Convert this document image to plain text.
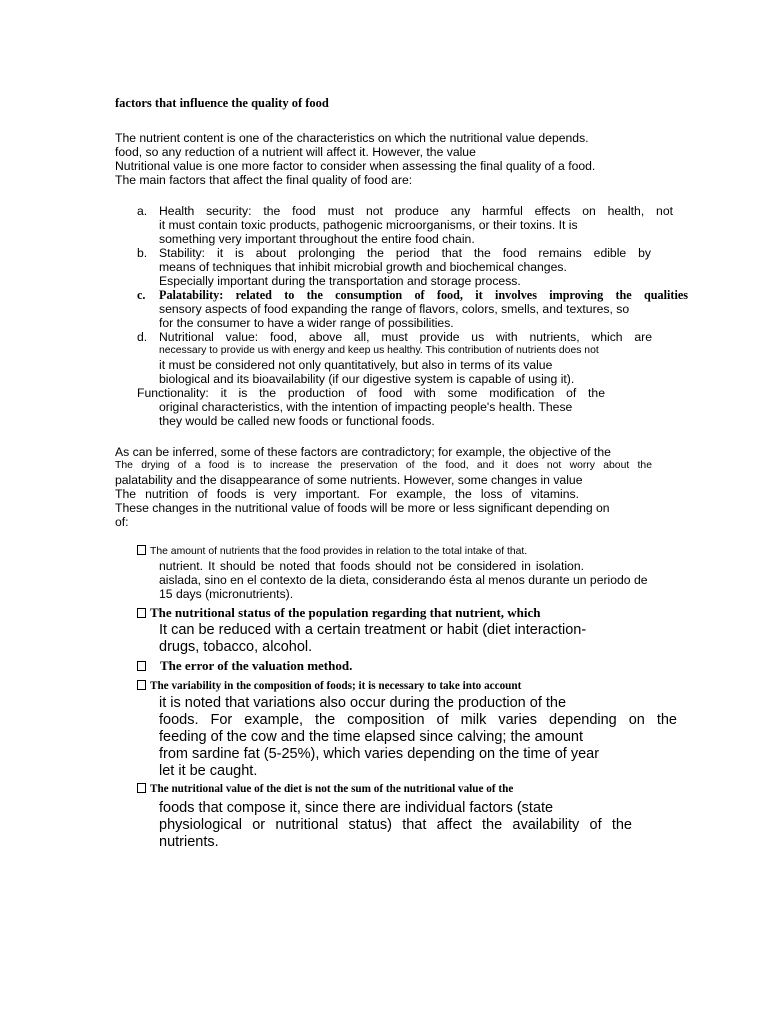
factors that influence the quality of food
The nutrient content is one of the characteristics on which the nutritional value depends.
food, so any reduction of a nutrient will affect it. However, the value
Nutritional value is one more factor to consider when assessing the final quality of a food.
The main factors that affect the final quality of food are:
a. Health security: the food must not produce any harmful effects on health, not
it must contain toxic products, pathogenic microorganisms, or their toxins. It is
something very important throughout the entire food chain.
b. Stability: it is about prolonging the period that the food remains edible by
means of techniques that inhibit microbial growth and biochemical changes.
Especially important during the transportation and storage process.
c. Palatability: related to the consumption of food, it involves improving the qualities
sensory aspects of food expanding the range of flavors, colors, smells, and textures, so
for the consumer to have a wider range of possibilities.
d. Nutritional value: food, above all, must provide us with nutrients, which are
necessary to provide us with energy and keep us healthy. This contribution of nutrients does not
it must be considered not only quantitatively, but also in terms of its value
biological and its bioavailability (if our digestive system is capable of using it).
Functionality: it is the production of food with some modification of the
original characteristics, with the intention of impacting people's health. These
they would be called new foods or functional foods.
As can be inferred, some of these factors are contradictory; for example, the objective of the
The drying of a food is to increase the preservation of the food, and it does not worry about the
palatability and the disappearance of some nutrients. However, some changes in value
The nutrition of foods is very important. For example, the loss of vitamins.
These changes in the nutritional value of foods will be more or less significant depending on
of:
The amount of nutrients that the food provides in relation to the total intake of that.
nutrient. It should be noted that foods should not be considered in isolation.
aislada, sino en el contexto de la dieta, considerando ésta al menos durante un periodo de
15 days (micronutrients).
The nutritional status of the population regarding that nutrient, which
It can be reduced with a certain treatment or habit (diet interaction-
drugs, tobacco, alcohol.
The error of the valuation method.
The variability in the composition of foods; it is necessary to take into account
it is noted that variations also occur during the production of the
foods. For example, the composition of milk varies depending on the
feeding of the cow and the time elapsed since calving; the amount
from sardine fat (5-25%), which varies depending on the time of year
let it be caught.
The nutritional value of the diet is not the sum of the nutritional value of the
foods that compose it, since there are individual factors (state
physiological or nutritional status) that affect the availability of the
nutrients.
